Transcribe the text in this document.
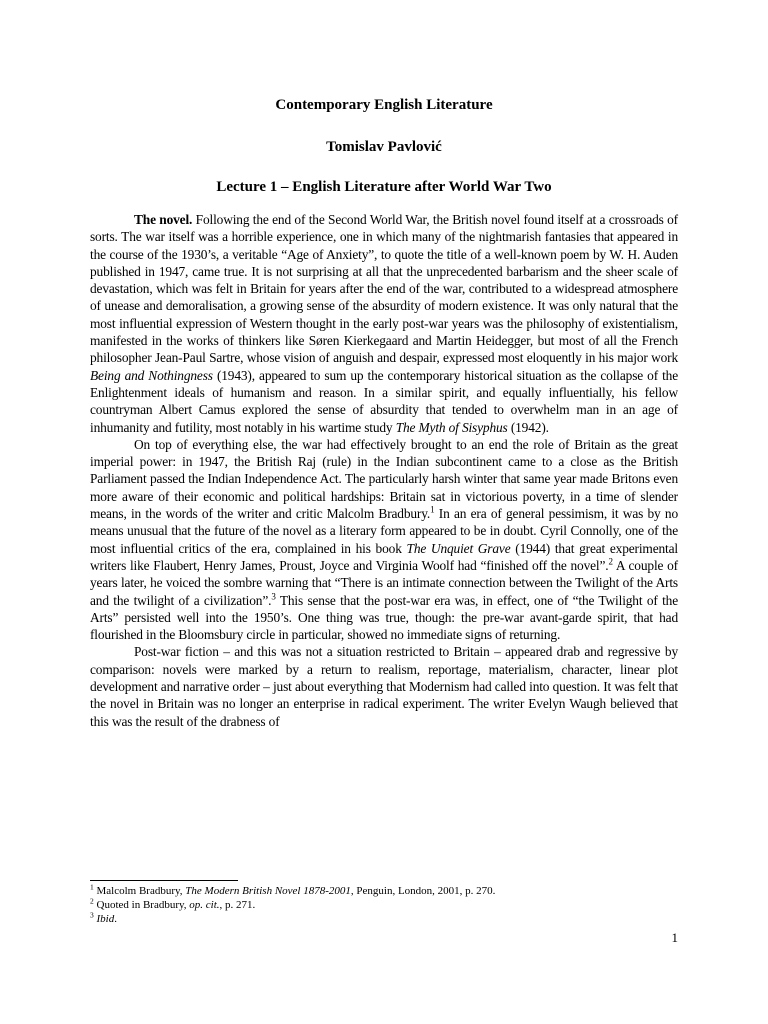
Contemporary English Literature
Tomislav Pavlović
Lecture 1 – English Literature after World War Two

The novel. Following the end of the Second World War, the British novel found itself at a crossroads of sorts. The war itself was a horrible experience, one in which many of the nightmarish fantasies that appeared in the course of the 1930’s, a veritable “Age of Anxiety”, to quote the title of a well-known poem by W. H. Auden published in 1947, came true. It is not surprising at all that the unprecedented barbarism and the sheer scale of devastation, which was felt in Britain for years after the end of the war, contributed to a widespread atmosphere of unease and demoralisation, a growing sense of the absurdity of modern existence. It was only natural that the most influential expression of Western thought in the early post-war years was the philosophy of existentialism, manifested in the works of thinkers like Søren Kierkegaard and Martin Heidegger, but most of all the French philosopher Jean-Paul Sartre, whose vision of anguish and despair, expressed most eloquently in his major work Being and Nothingness (1943), appeared to sum up the contemporary historical situation as the collapse of the Enlightenment ideals of humanism and reason. In a similar spirit, and equally influentially, his fellow countryman Albert Camus explored the sense of absurdity that tended to overwhelm man in an age of inhumanity and futility, most notably in his wartime study The Myth of Sisyphus (1942).

On top of everything else, the war had effectively brought to an end the role of Britain as the great imperial power: in 1947, the British Raj (rule) in the Indian subcontinent came to a close as the British Parliament passed the Indian Independence Act. The particularly harsh winter that same year made Britons even more aware of their economic and political hardships: Britain sat in victorious poverty, in a time of slender means, in the words of the writer and critic Malcolm Bradbury.$^1$ In an era of general pessimism, it was by no means unusual that the future of the novel as a literary form appeared to be in doubt. Cyril Connolly, one of the most influential critics of the era, complained in his book The Unquiet Grave (1944) that great experimental writers like Flaubert, Henry James, Proust, Joyce and Virginia Woolf had “finished off the novel”.$^2$ A couple of years later, he voiced the sombre warning that “There is an intimate connection between the Twilight of the Arts and the twilight of a civilization”.$^3$ This sense that the post-war era was, in effect, one of “the Twilight of the Arts” persisted well into the 1950’s. One thing was true, though: the pre-war avant-garde spirit, that had flourished in the Bloomsbury circle in particular, showed no immediate signs of returning.

Post-war fiction – and this was not a situation restricted to Britain – appeared drab and regressive by comparison: novels were marked by a return to realism, reportage, materialism, character, linear plot development and narrative order – just about everything that Modernism had called into question. It was felt that the novel in Britain was no longer an enterprise in radical experiment. The writer Evelyn Waugh believed that this was the result of the drabness of

$^1$ Malcolm Bradbury, The Modern British Novel 1878-2001, Penguin, London, 2001, p. 270.
$^2$ Quoted in Bradbury, op. cit., p. 271.
$^3$ Ibid.
1
